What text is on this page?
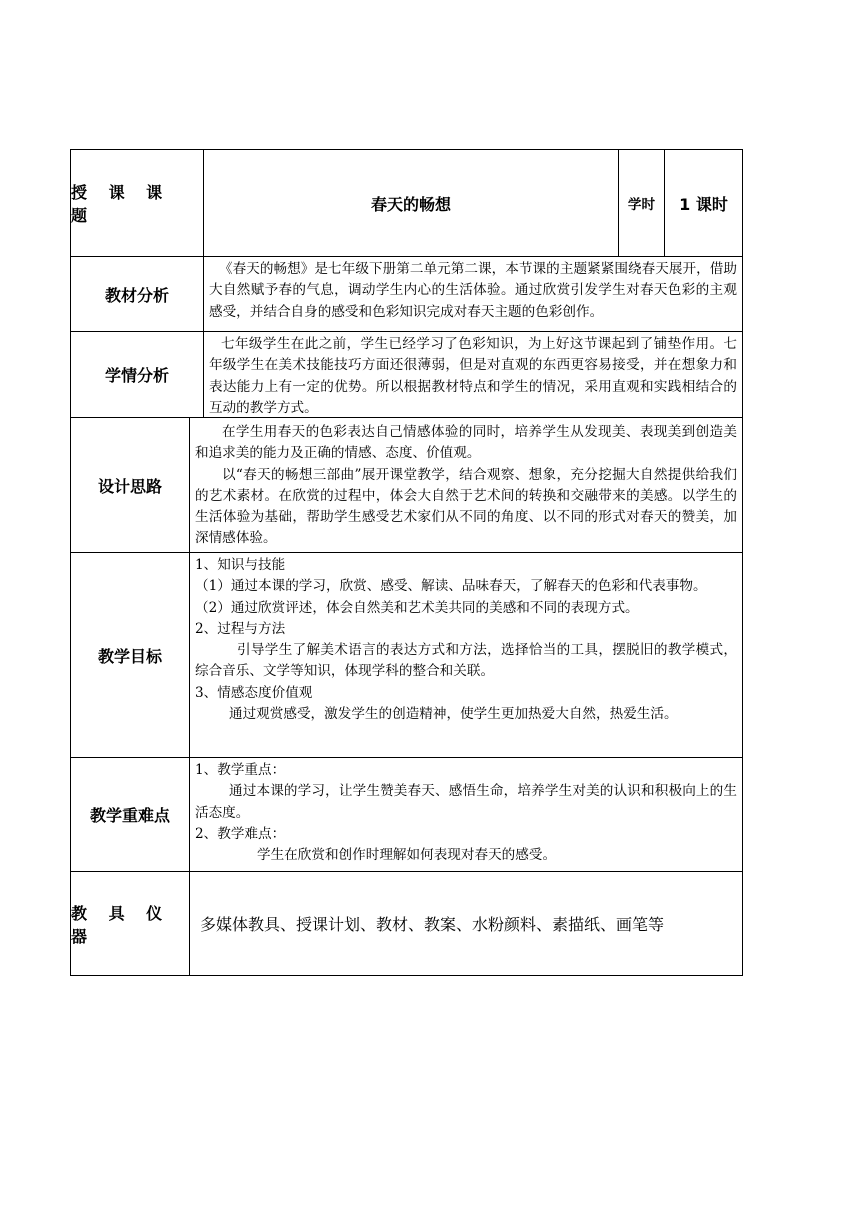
授 课 课 题
春天的畅想	学时	1 课时
教材分析
《春天的畅想》是七年级下册第二单元第二课，本节课的主题紧紧围绕春天展开，借助大自然赋予春的气息，调动学生内心的生活体验。通过欣赏引发学生对春天色彩的主观感受，并结合自身的感受和色彩知识完成对春天主题的色彩创作。
学情分析
七年级学生在此之前，学生已经学习了色彩知识，为上好这节课起到了铺垫作用。七年级学生在美术技能技巧方面还很薄弱，但是对直观的东西更容易接受，并在想象力和表达能力上有一定的优势。所以根据教材特点和学生的情况，采用直观和实践相结合的互动的教学方式。
设计思路

在学生用春天的色彩表达自己情感体验的同时，培养学生从发现美、表现美到创造美和追求美的能力及正确的情感、态度、价值观。

以“春天的畅想三部曲”展开课堂教学，结合观察、想象，充分挖掘大自然提供给我们的艺术素材。在欣赏的过程中，体会大自然于艺术间的转换和交融带来的美感。以学生的生活体验为基础，帮助学生感受艺术家们从不同的角度、以不同的形式对春天的赞美，加深情感体验。

教学目标

1、知识与技能

（1）通过本课的学习，欣赏、感受、解读、品味春天，了解春天的色彩和代表事物。

（2）通过欣赏评述，体会自然美和艺术美共同的美感和不同的表现方式。

2、过程与方法

引导学生了解美术语言的表达方式和方法，选择恰当的工具，摆脱旧的教学模式，综合音乐、文学等知识，体现学科的整合和关联。

3、情感态度价值观

通过观赏感受，激发学生的创造精神，使学生更加热爱大自然，热爱生活。

教学重难点

1、教学重点：

通过本课的学习，让学生赞美春天、感悟生命，培养学生对美的认识和积极向上的生活态度。

2、教学难点：

学生在欣赏和创作时理解如何表现对春天的感受。

教 具 仪 器
多媒体教具、授课计划、教材、教案、水粉颜料、素描纸、画笔等
